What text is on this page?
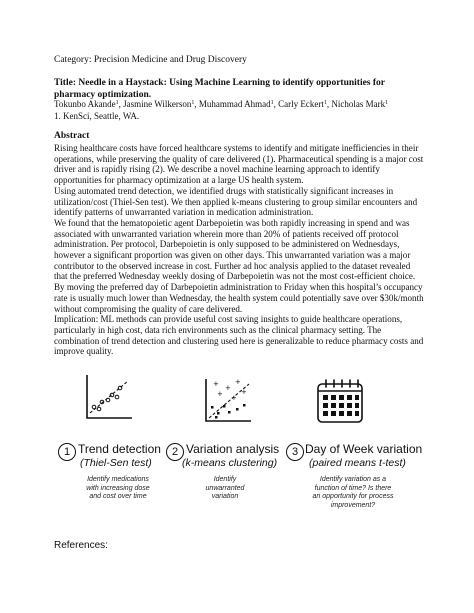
Category: Precision Medicine and Drug Discovery
Title: Needle in a Haystack: Using Machine Learning to identify opportunities for pharmacy optimization.
Tokunbo Akande$^1$, Jasmine Wilkerson$^1$, Muhammad Ahmad$^1$, Carly Eckert$^1$, Nicholas Mark$^1$
1. KenSci, Seattle, WA.
Abstract

Rising healthcare costs have forced healthcare systems to identify and mitigate inefficiencies in their operations, while preserving the quality of care delivered (1). Pharmaceutical spending is a major cost driver and is rapidly rising (2). We describe a novel machine learning approach to identify opportunities for pharmacy optimization at a large US health system.

Using automated trend detection, we identified drugs with statistically significant increases in utilization/cost (Thiel-Sen test). We then applied k-means clustering to group similar encounters and identify patterns of unwarranted variation in medication administration.

We found that the hematopoietic agent Darbepoietin was both rapidly increasing in spend and was associated with unwarranted variation wherein more than 20% of patients received off protocol administration. Per protocol, Darbepoietin is only supposed to be administered on Wednesdays, however a significant proportion was given on other days. This unwarranted variation was a major contributor to the observed increase in cost. Further ad hoc analysis applied to the dataset revealed that the preferred Wednesday weekly dosing of Darbepoietin was not the most cost-efficient choice. By moving the preferred day of Darbepoietin administration to Friday when this hospital’s occupancy rate is usually much lower than Wednesday, the health system could potentially save over $30k/month without compromising the quality of care delivered.

Implication: ML methods can provide useful cost saving insights to guide healthcare operations, particularly in high cost, data rich environments such as the clinical pharmacy setting. The combination of trend detection and clustering used here is generalizable to reduce pharmacy costs and improve quality.

+ +
+
+	+
+
1 Trend detection
(Thiel-Sen test)
Identify medications
with increasing dose
and cost over time
2 Variation analysis
(k-means clustering)
Identify
unwarranted
variation
3 Day of Week variation
(paired means t-test)
Identify variation as a
function of time? Is there
an opportunity for process
improvement?
References:
